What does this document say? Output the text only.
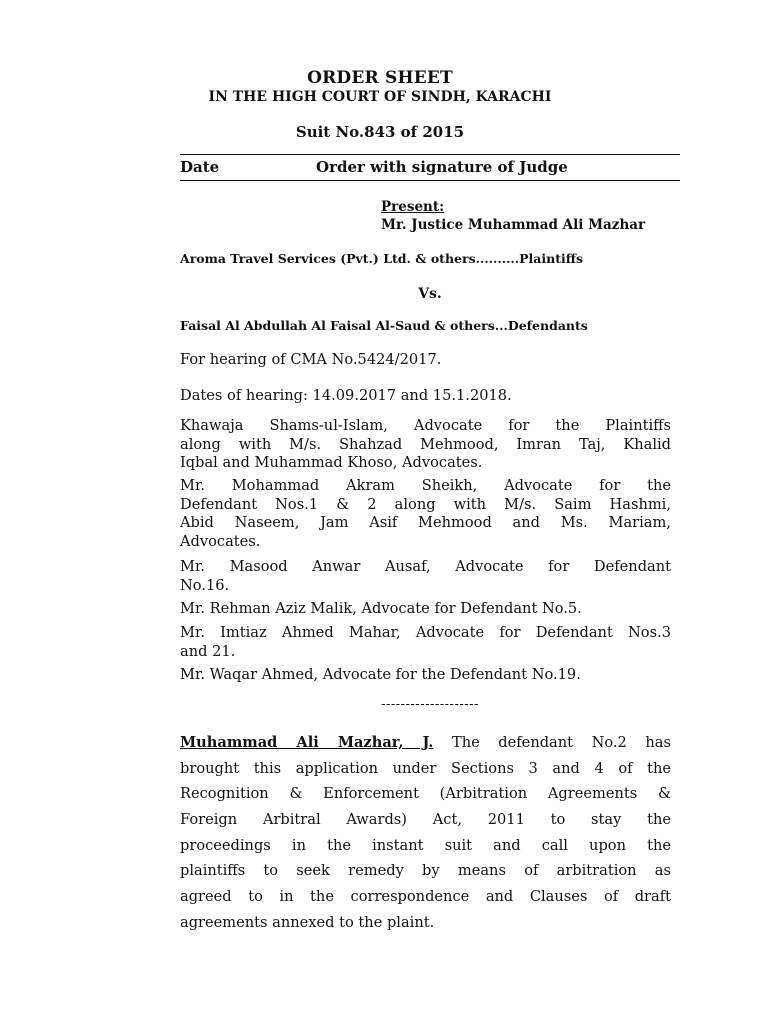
ORDER SHEET
IN THE HIGH COURT OF SINDH, KARACHI
Suit No.843 of 2015
Date	Order with signature of Judge
Present:
Mr. Justice Muhammad Ali Mazhar
Aroma Travel Services (Pvt.) Ltd. & others..........Plaintiffs
Vs.
Faisal Al Abdullah Al Faisal Al-Saud & others...Defendants
For hearing of CMA No.5424/2017.
Dates of hearing: 14.09.2017 and 15.1.2018.
Khawaja Shams-ul-Islam, Advocate for the Plaintiffs
along with M/s. Shahzad Mehmood, Imran Taj, Khalid
Iqbal and Muhammad Khoso, Advocates.
Mr. Mohammad Akram Sheikh, Advocate for the
Defendant Nos.1 & 2 along with M/s. Saim Hashmi,
Abid Naseem, Jam Asif Mehmood and Ms. Mariam,
Advocates.
Mr. Masood Anwar Ausaf, Advocate for Defendant
No.16.
Mr. Rehman Aziz Malik, Advocate for Defendant No.5.
Mr. Imtiaz Ahmed Mahar, Advocate for Defendant Nos.3
and 21.
Mr. Waqar Ahmed, Advocate for the Defendant No.19.
--------------------
Muhammad Ali Mazhar, J. The defendant No.2 has
brought this application under Sections 3 and 4 of the
Recognition & Enforcement (Arbitration Agreements &
Foreign Arbitral Awards) Act, 2011 to stay the
proceedings in the instant suit and call upon the
plaintiffs to seek remedy by means of arbitration as
agreed to in the correspondence and Clauses of draft
agreements annexed to the plaint.
